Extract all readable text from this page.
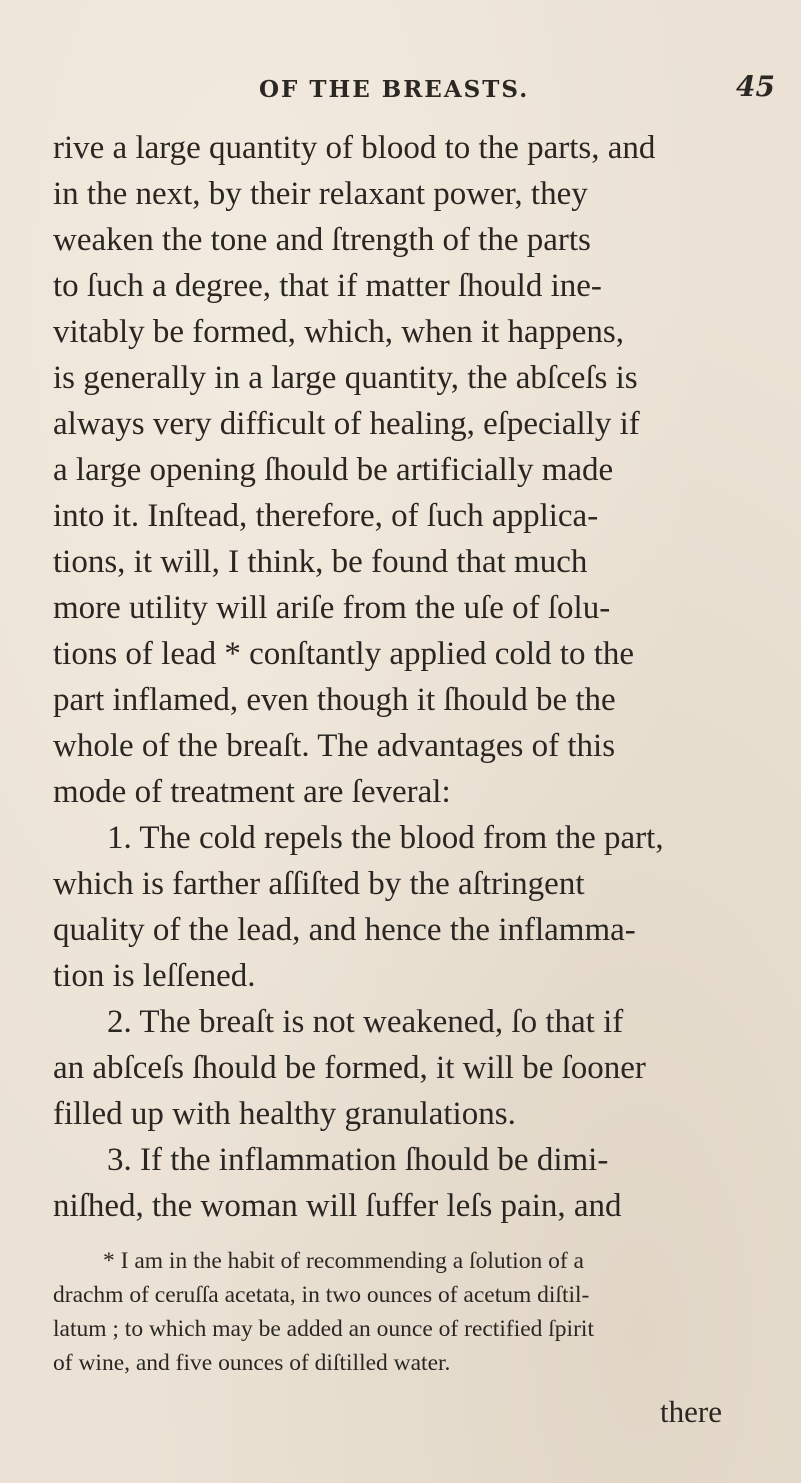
OF THE BREASTS.	45
rive a large quantity of blood to the parts, and
in the next, by their relaxant power, they
weaken the tone and ſtrength of the parts
to ſuch a degree, that if matter ſhould ine-
vitably be formed, which, when it happens,
is generally in a large quantity, the abſceſs is
always very difficult of healing, eſpecially if
a large opening ſhould be artificially made
into it. Inſtead, therefore, of ſuch applica-
tions, it will, I think, be found that much
more utility will ariſe from the uſe of ſolu-
tions of lead * conſtantly applied cold to the
part inflamed, even though it ſhould be the
whole of the breaſt. The advantages of this
mode of treatment are ſeveral:
1. The cold repels the blood from the part,
which is farther aſſiſted by the aſtringent
quality of the lead, and hence the inflamma-
tion is leſſened.
2. The breaſt is not weakened, ſo that if
an abſceſs ſhould be formed, it will be ſooner
filled up with healthy granulations.
3. If the inflammation ſhould be dimi-
niſhed, the woman will ſuffer leſs pain, and
* I am in the habit of recommending a ſolution of a
drachm of ceruſſa acetata, in two ounces of acetum diſtil-
latum ; to which may be added an ounce of rectified ſpirit
of wine, and five ounces of diſtilled water.
there
